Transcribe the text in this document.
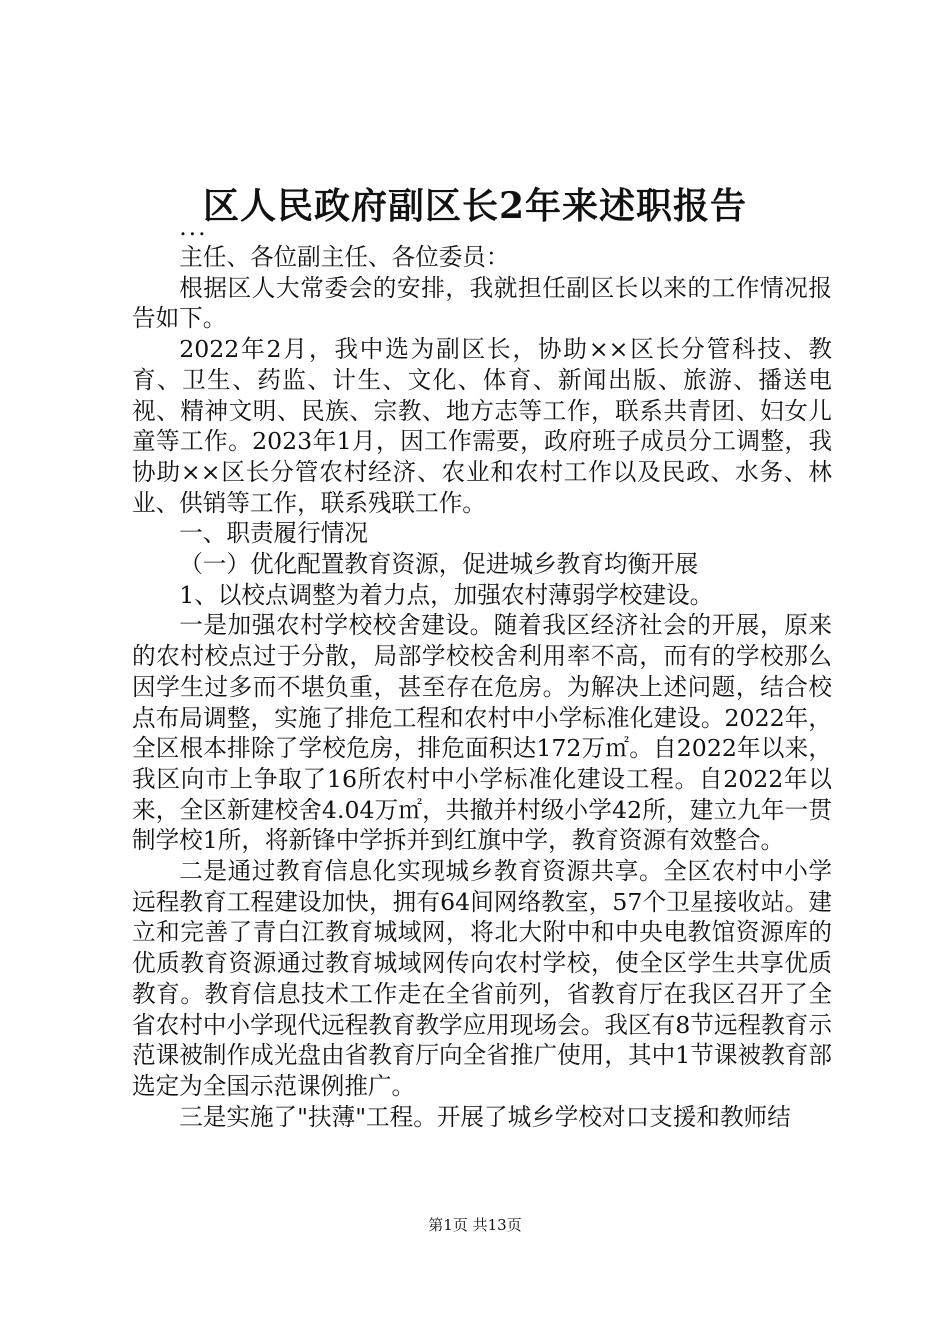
区人民政府副区长2年来述职报告

...

主任、各位副主任、各位委员：

根据区人大常委会的安排，我就担任副区长以来的工作情况报告如下。

2022年2月，我中选为副区长，协助××区长分管科技、教育、卫生、药监、计生、文化、体育、新闻出版、旅游、播送电视、精神文明、民族、宗教、地方志等工作，联系共青团、妇女儿童等工作。2023年1月，因工作需要，政府班子成员分工调整，我协助××区长分管农村经济、农业和农村工作以及民政、水务、林业、供销等工作，联系残联工作。

一、职责履行情况

（一）优化配置教育资源，促进城乡教育均衡开展

1、以校点调整为着力点，加强农村薄弱学校建设。

一是加强农村学校校舍建设。随着我区经济社会的开展，原来的农村校点过于分散，局部学校校舍利用率不高，而有的学校那么因学生过多而不堪负重，甚至存在危房。为解决上述问题，结合校点布局调整，实施了排危工程和农村中小学标准化建设。2022年，全区根本排除了学校危房，排危面积达172万㎡。自2022年以来，我区向市上争取了16所农村中小学标准化建设工程。自2022年以来，全区新建校舍4.04万㎡，共撤并村级小学42所，建立九年一贯制学校1所，将新锋中学拆并到红旗中学，教育资源有效整合。

二是通过教育信息化实现城乡教育资源共享。全区农村中小学远程教育工程建设加快，拥有64间网络教室，57个卫星接收站。建立和完善了青白江教育城域网，将北大附中和中央电教馆资源库的优质教育资源通过教育城域网传向农村学校，使全区学生共享优质教育。教育信息技术工作走在全省前列，省教育厅在我区召开了全省农村中小学现代远程教育教学应用现场会。我区有8节远程教育示范课被制作成光盘由省教育厅向全省推广使用，其中1节课被教育部选定为全国示范课例推广。

三是实施了"扶薄"工程。开展了城乡学校对口支援和教师结

第1页 共13页
